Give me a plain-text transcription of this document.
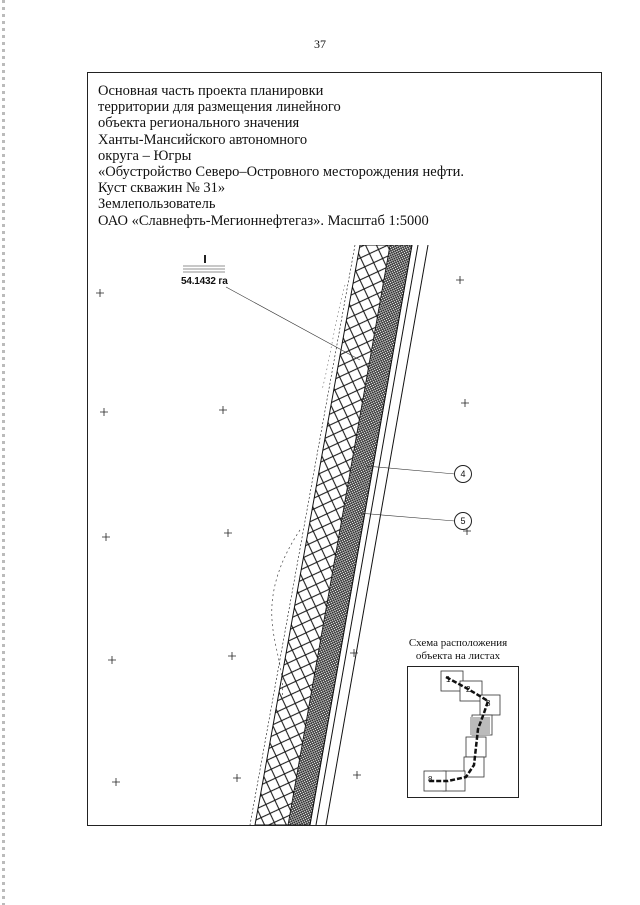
37
Основная часть проекта планировки
территории для размещения линейного
объекта регионального значения
Ханты-Мансийского автономного
округа – Югры
«Обустройство Северо–Островного месторождения нефти.
Куст скважин № 31»
Землепользователь
ОАО «Славнефть-Мегионнефтегаз». Масштаб 1:5000
54.1432 га
4
5
Схема расположения
объекта на листах
1
2
3
8
